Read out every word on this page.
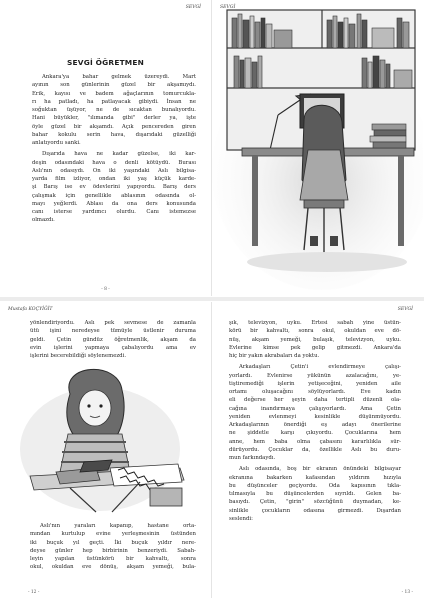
SEVGİ
SEVGİ ÖĞRETMEN

Ankara'ya bahar gelmek üzereydi. Mart

ayının son günlerinin güzel bir akşamıydı.

Erik, kayısı ve badem ağaçlarının tomurcukla-

rı ha patladı, ha patlayacak gibiydi. İnsan ne

soğuktan üşüyor, ne de sıcaktan bunalıyordu.

Hani büyükler, "ılımanda gibi" derler ya, işte

öyle güzel bir akşamdı. Açık pencereden giren

bahar kokulu serin hava, dışarıdaki güzelliği

anlatıyordu sanki.

Dışarıda hava ne kadar güzelse, iki kar-

deşin odasındaki hava o denli kötüydü. Burası

Aslı'nın odasıydı. On iki yaşındaki Aslı bilgisa-

yarda film izliyor, ondan iki yaş küçük karde-

şi Barış ise ev ödevlerini yapıyordu. Barış ders

çalışmak için genellikle ablasının odasında ol-

mayı yeğlerdi. Ablası da ona ders konusunda

canı isterse yardımcı olurdu. Canı istemezse

olmazdı.

- 8 -
SEVGİ
Mustafa KOÇYİĞİT

yönlendiriyordu. Aslı pek sevmese de zamanla

ütü işini neredeyse tümüyle üstlenir duruma

geldi. Çetin gündüz öğretmenlik, akşam da

evin işlerini yapmaya çabalıyordu ama ev

işlerini becerebildiği söylenemezdi.

Aslı'nın yaraları kapanıp, hastane orta-

mından kurtulup evine yerleşmesinin üstünden

iki buçuk yıl geçti. İki buçuk yıldır nere-

deyse günler hep birbirinin benzeriydi. Sabah-

leyin yapılan üstünkörü bir kahvaltı, sonra

okul, okuldan eve dönüş, akşam yemeği, bula-

- 12 -
SEVGİ

şık, televizyon, uyku. Ertesi sabah yine üstün-

körü bir kahvaltı, sonra okul, okuldan eve dö-

nüş, akşam yemeği, bulaşık, televizyon, uyku.

Evlerine kimse pek gelip gitmezdi. Ankara'da

hiç bir yakın akrabaları da yoktu.

Arkadaşları Çetin'i evlendirmeye çalışı-

yorlardı. Evlenirse yükünün azalacağını, ye-

tiştiremediği işlerin yetişeceğini, yeniden aile

ortamı oluşacağını söylüyorlardı. Eve kadın

eli değerse her şeyin daha tertipli düzenli ola-

cağına inandırmaya çalışıyorlardı. Ama Çetin

yeniden evlenmeyi kesinlikle düşünmüyordu.

Arkadaşlarının önerdiği eş adayı önerilerine

ne şiddetle karşı çıkıyordu. Çocuklarına hem

anne, hem baba olma çabasını kararlılıkla sür-

dürüyordu. Çocuklar da, özellikle Aslı bu duru-

mun farkındaydı.

Aslı odasında, boş bir ekranın önündeki bilgisayar

ekranına bakarken kafasından yıldırım hızıyla

bu düşünceler geçiyordu. Oda kapısının tıkla-

tılmasıyla bu düşüncelerden sıyrıldı. Gelen ba-

basıydı. Çetin, "girin" sözcüğünü duymadan, ke-

sinlikle çocukların odasına girmezdi. Dışardan

seslendi:

- 13 -
